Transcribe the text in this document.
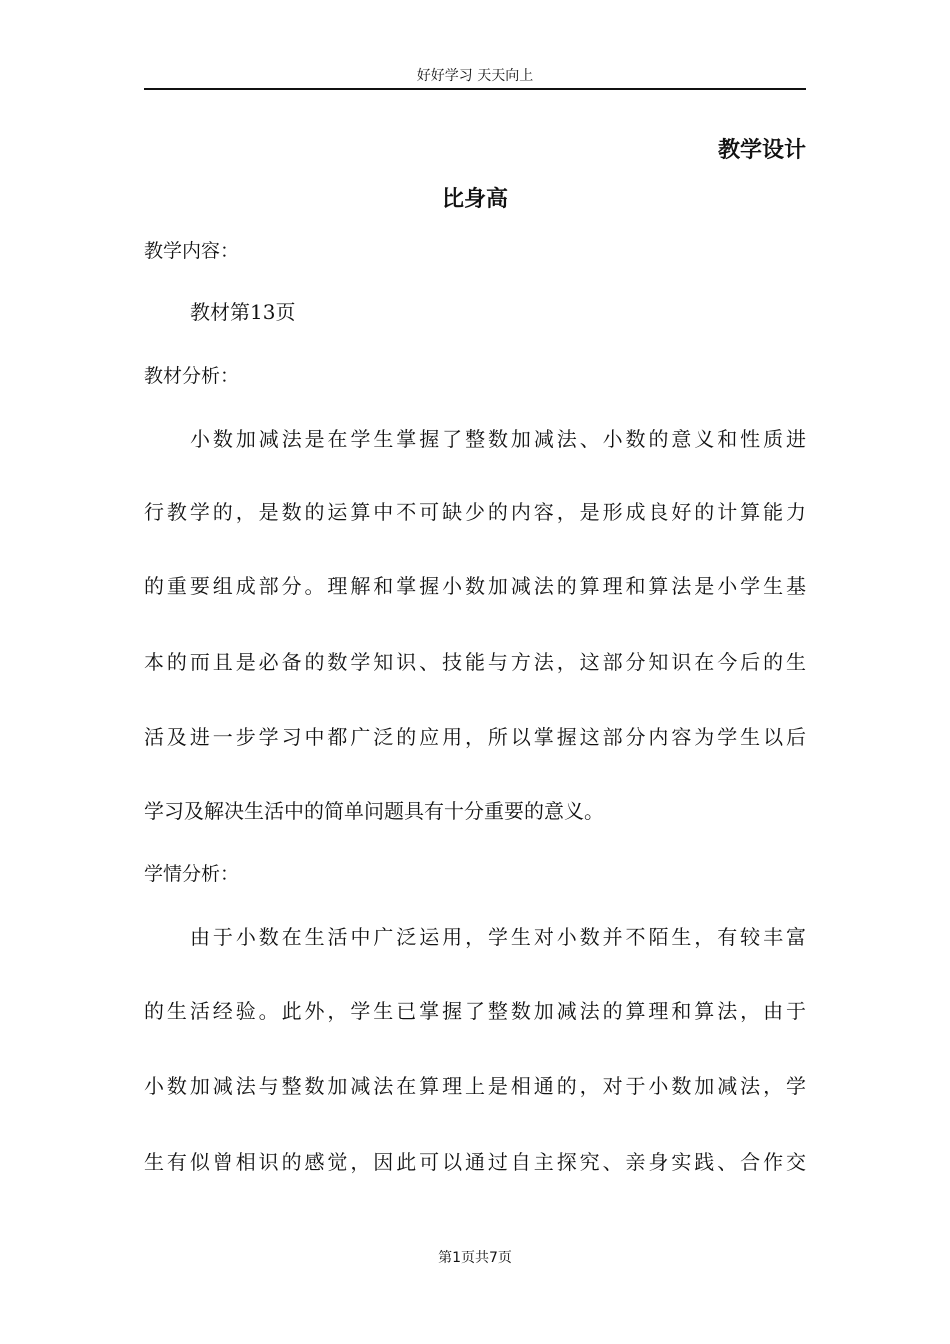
好好学习 天天向上
教学设计
比身高
教学内容：
教材第13页
教材分析：
小数加减法是在学生掌握了整数加减法、小数的意义和性质进
行教学的，是数的运算中不可缺少的内容，是形成良好的计算能力
的重要组成部分。理解和掌握小数加减法的算理和算法是小学生基
本的而且是必备的数学知识、技能与方法，这部分知识在今后的生
活及进一步学习中都广泛的应用，所以掌握这部分内容为学生以后
学习及解决生活中的简单问题具有十分重要的意义。
学情分析：
由于小数在生活中广泛运用，学生对小数并不陌生，有较丰富
的生活经验。此外，学生已掌握了整数加减法的算理和算法，由于
小数加减法与整数加减法在算理上是相通的，对于小数加减法，学
生有似曾相识的感觉，因此可以通过自主探究、亲身实践、合作交
第1页共7页
